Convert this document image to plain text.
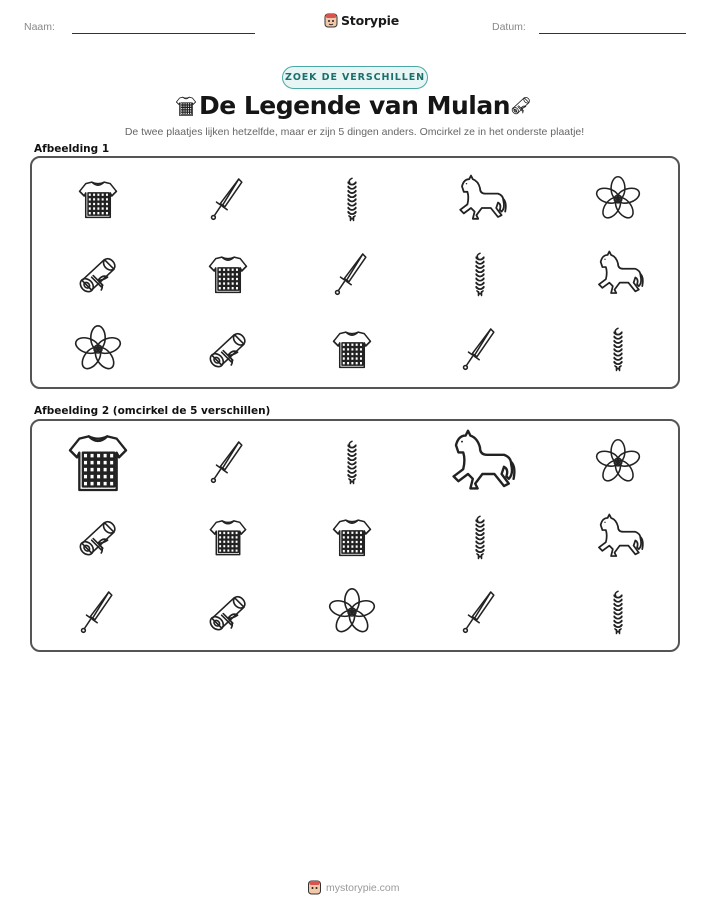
Naam:	Storypie	Datum:
ZOEK DE VERSCHILLEN
De Legende van Mulan
De twee plaatjes lijken hetzelfde, maar er zijn 5 dingen anders. Omcirkel ze in het onderste plaatje!
Afbeelding 1
Afbeelding 2 (omcirkel de 5 verschillen)
mystorypie.com
